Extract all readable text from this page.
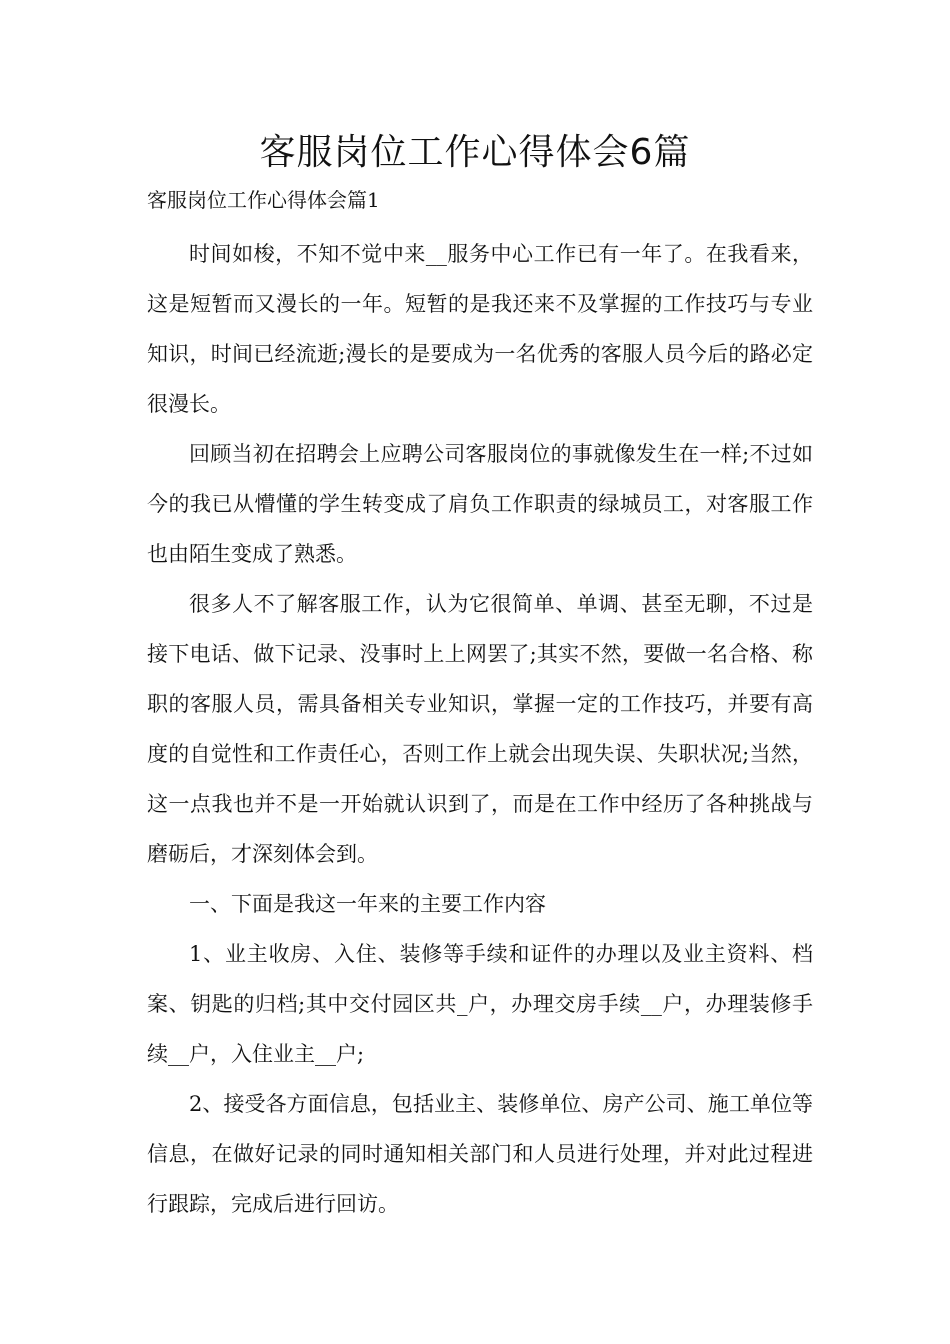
客服岗位工作心得体会6篇

客服岗位工作心得体会篇1

时间如梭，不知不觉中来__服务中心工作已有一年了。在我看来，这是短暂而又漫长的一年。短暂的是我还来不及掌握的工作技巧与专业知识，时间已经流逝;漫长的是要成为一名优秀的客服人员今后的路必定很漫长。

回顾当初在招聘会上应聘公司客服岗位的事就像发生在一样;不过如今的我已从懵懂的学生转变成了肩负工作职责的绿城员工，对客服工作也由陌生变成了熟悉。

很多人不了解客服工作，认为它很简单、单调、甚至无聊，不过是接下电话、做下记录、没事时上上网罢了;其实不然，要做一名合格、称职的客服人员，需具备相关专业知识，掌握一定的工作技巧，并要有高度的自觉性和工作责任心，否则工作上就会出现失误、失职状况;当然，这一点我也并不是一开始就认识到了，而是在工作中经历了各种挑战与磨砺后，才深刻体会到。

一、下面是我这一年来的主要工作内容

1、业主收房、入住、装修等手续和证件的办理以及业主资料、档案、钥匙的归档;其中交付园区共_户，办理交房手续__户，办理装修手续__户，入住业主__户;

2、接受各方面信息，包括业主、装修单位、房产公司、施工单位等信息，在做好记录的同时通知相关部门和人员进行处理，并对此过程进行跟踪，完成后进行回访。
